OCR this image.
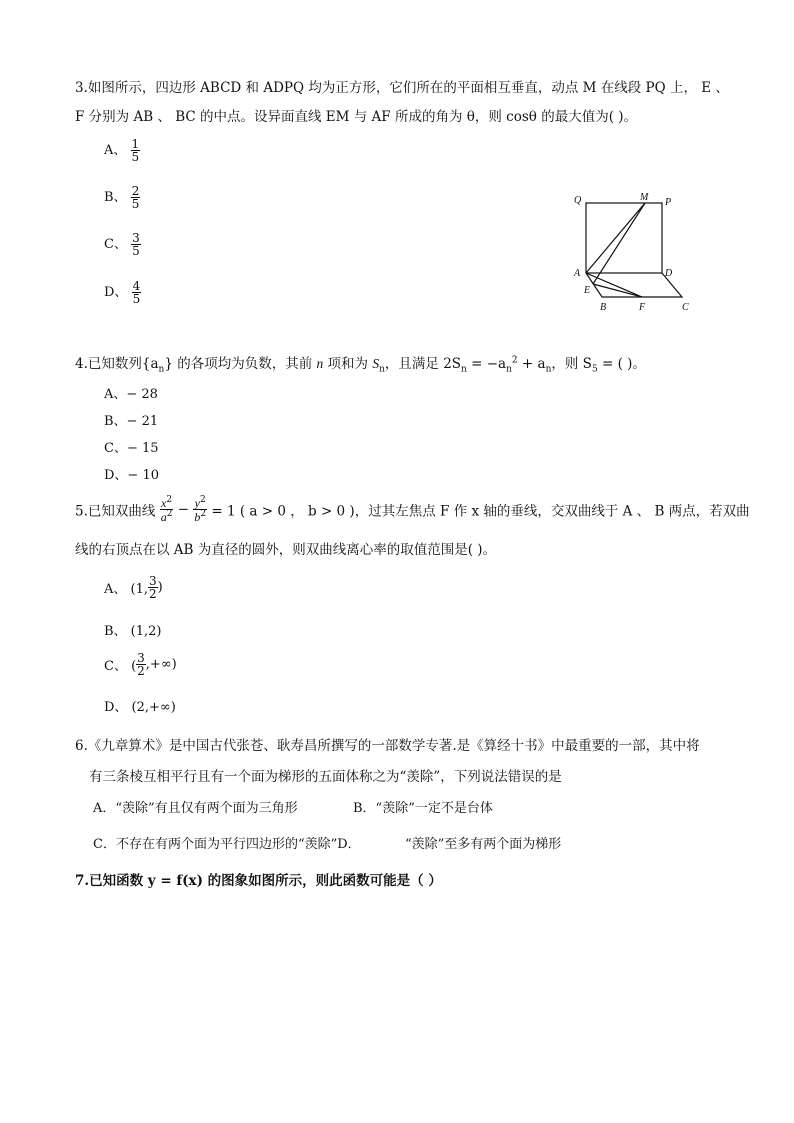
3.如图所示，四边形 ABCD 和 ADPQ 均为正方形，它们所在的平面相互垂直，动点 M 在线段 PQ 上， E 、
F 分别为 AB 、 BC 的中点。设异面直线 EM 与 AF 所成的角为 θ，则 cosθ 的最大值为( )。
A、 $\frac{1}{5}$
B、 $\frac{2}{5}$
C、 $\frac{3}{5}$
D、 $\frac{4}{5}$
Q	M P
A	D
E
B	F	C
4.已知数列$\{a_n\}$ 的各项均为负数，其前 n 项和为 $S_n$，且满足 $2S_n = -a_n^2 + a_n$，则 $S_5$ = ( )。
A、− 28
B、− 21
C、− 15
D、− 10
5.已知双曲线 $\frac{x^2}{a^2} - \frac{y^2}{b^2} = 1$ ( a > 0 ， b > 0 )，过其左焦点 F 作 x 轴的垂线，交双曲线于 A 、 B 两点，若双曲
线的右顶点在以 AB 为直径的圆外，则双曲线离心率的取值范围是( )。
A、 (1, $\frac{3}{2}$ )
B、 (1,2)
C、 ( $\frac{3}{2}$ ,+∞)
D、 (2,+∞)
6.《九章算术》是中国古代张苍、耿寿昌所撰写的一部数学专著.是《算经十书》中最重要的一部，其中将
有三条棱互相平行且有一个面为梯形的五面体称之为“羡除”，下列说法错误的是
A．“羡除”有且仅有两个面为三角形	B．“羡除”一定不是台体
C．不存在有两个面为平行四边形的“羡除”D．	“羡除”至多有两个面为梯形
7.已知函数 y = f(x) 的图象如图所示，则此函数可能是（ ）
